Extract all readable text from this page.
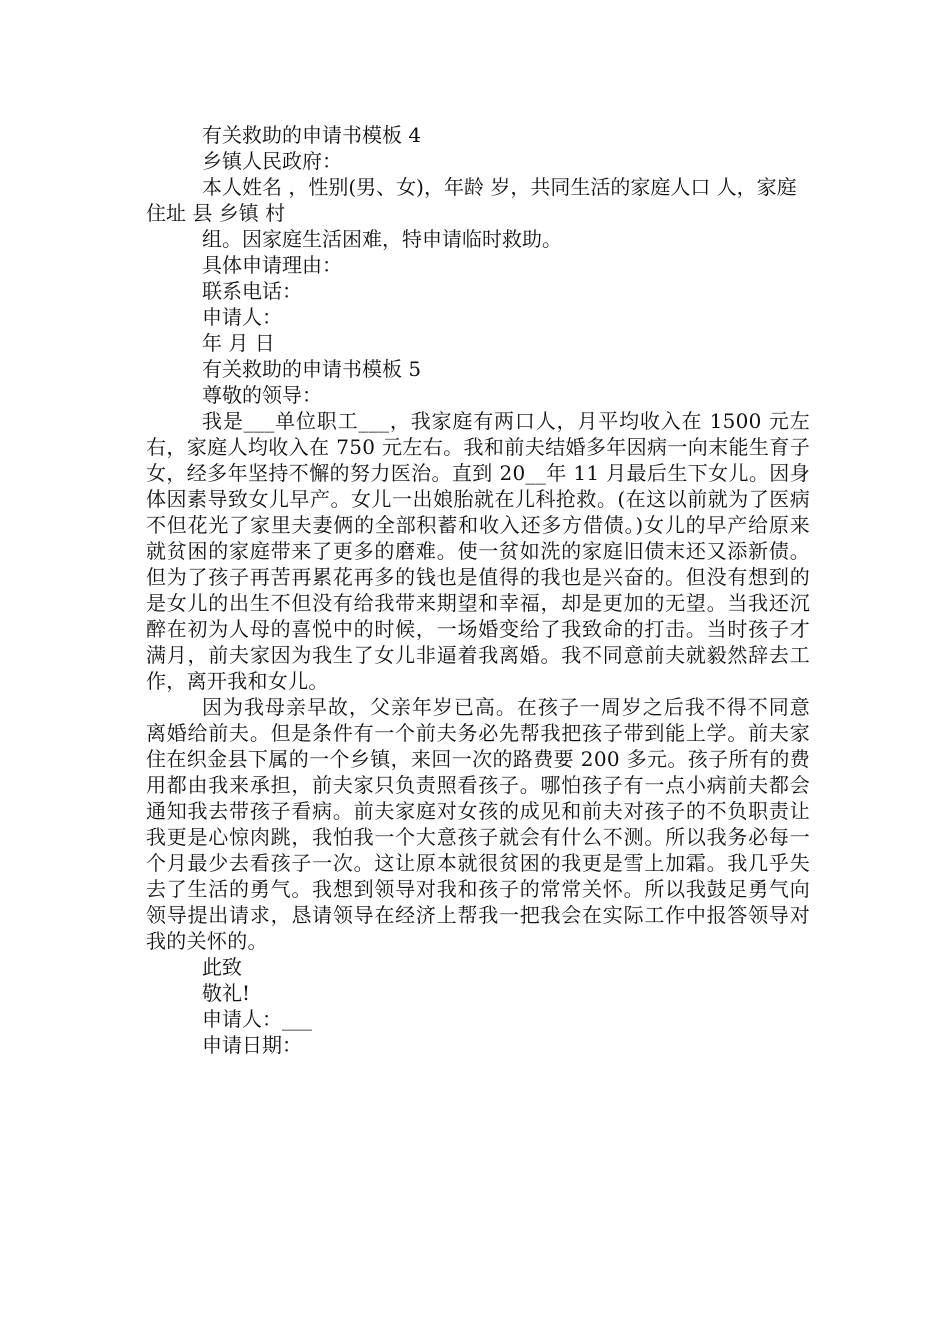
有关救助的申请书模板 4

乡镇人民政府：

本人姓名 ，性别(男、女)，年龄 岁，共同生活的家庭人口 人，家庭住址 县 乡镇 村

组。因家庭生活困难，特申请临时救助。

具体申请理由：

联系电话：

申请人：

年 月 日

有关救助的申请书模板 5

尊敬的领导：

我是___单位职工___，我家庭有两口人，月平均收入在 1500 元左右，家庭人均收入在 750 元左右。我和前夫结婚多年因病一向末能生育子女，经多年坚持不懈的努力医治。直到 20__年 11 月最后生下女儿。因身体因素导致女儿早产。女儿一出娘胎就在儿科抢救。(在这以前就为了医病不但花光了家里夫妻俩的全部积蓄和收入还多方借债。)女儿的早产给原来就贫困的家庭带来了更多的磨难。使一贫如洗的家庭旧债末还又添新债。但为了孩子再苦再累花再多的钱也是值得的我也是兴奋的。但没有想到的是女儿的出生不但没有给我带来期望和幸福，却是更加的无望。当我还沉醉在初为人母的喜悦中的时候，一场婚变给了我致命的打击。当时孩子才满月，前夫家因为我生了女儿非逼着我离婚。我不同意前夫就毅然辞去工作，离开我和女儿。

因为我母亲早故，父亲年岁已高。在孩子一周岁之后我不得不同意离婚给前夫。但是条件有一个前夫务必先帮我把孩子带到能上学。前夫家住在织金县下属的一个乡镇，来回一次的路费要 200 多元。孩子所有的费用都由我来承担，前夫家只负责照看孩子。哪怕孩子有一点小病前夫都会通知我去带孩子看病。前夫家庭对女孩的成见和前夫对孩子的不负职责让我更是心惊肉跳，我怕我一个大意孩子就会有什么不测。所以我务必每一个月最少去看孩子一次。这让原本就很贫困的我更是雪上加霜。我几乎失去了生活的勇气。我想到领导对我和孩子的常常关怀。所以我鼓足勇气向领导提出请求，恳请领导在经济上帮我一把我会在实际工作中报答领导对我的关怀的。

此致

敬礼!

申请人：___

申请日期：
